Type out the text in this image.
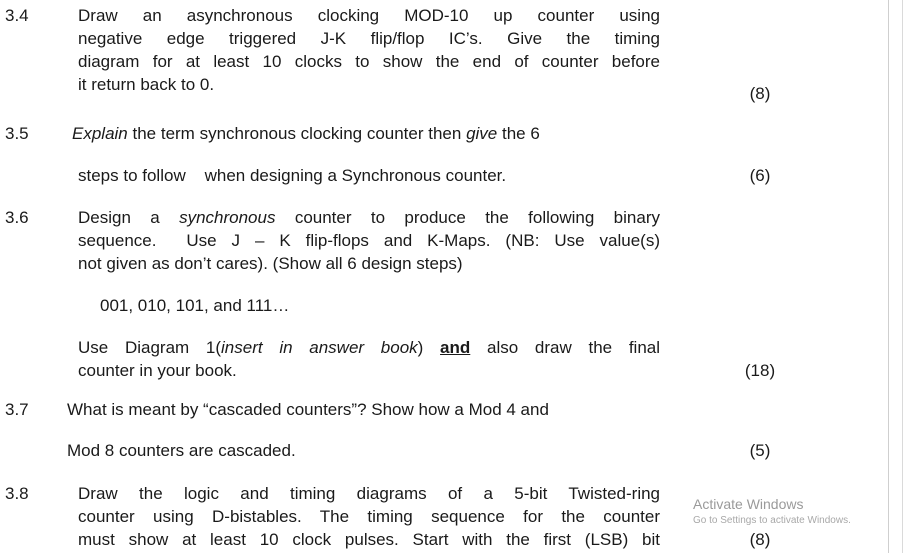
3.4	Draw an asynchronous clocking MOD-10 up counter using
negative edge triggered J-K flip/flop IC’s. Give the timing
diagram for at least 10 clocks to show the end of counter before
it return back to 0.	(8)
3.5	Explain the term synchronous clocking counter then give the 6
steps to follow    when designing a Synchronous counter.	(6)
3.6	Design a synchronous counter to produce the following binary
sequence.  Use J – K flip-flops and K-Maps. (NB: Use value(s)
not given as don’t cares). (Show all 6 design steps)
001, 010, 101, and 111…
Use Diagram 1(insert in answer book) and also draw the final
counter in your book.	(18)
3.7 What is meant by “cascaded counters”? Show how a Mod 4 and
Mod 8 counters are cascaded.	(5)
3.8	Draw the logic and timing diagrams of a 5-bit Twisted-ring
counter using D-bistables. The timing sequence for the counter
must show at least 10 clock pulses. Start with the first (LSB) bit	(8)
Activate Windows
Go to Settings to activate Windows.
